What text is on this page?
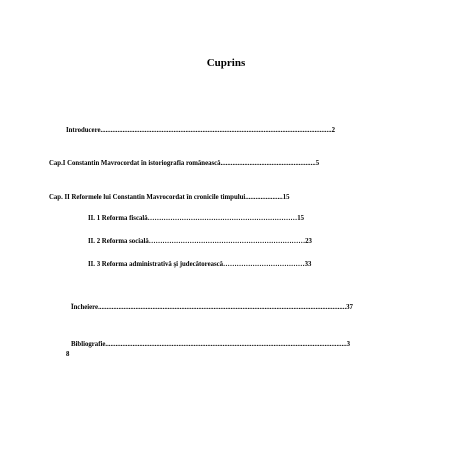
Cuprins
Introducere........................................................................................................................................2
Cap.I Constantin Mavrocordat în istoriografia românească........................................................5
Cap. II Reformele lui Constantin Mavrocordat în cronicile timpului......................15
II. 1 Reforma fiscală…………………………………………………………15
II. 2 Reforma socială……………………………………………………………23
II. 3 Reforma administrativă şi judecătorească………………………………33
Încheiere..................................................................................................................................................37
Bibliografie..............................................................................................................................................3
8
